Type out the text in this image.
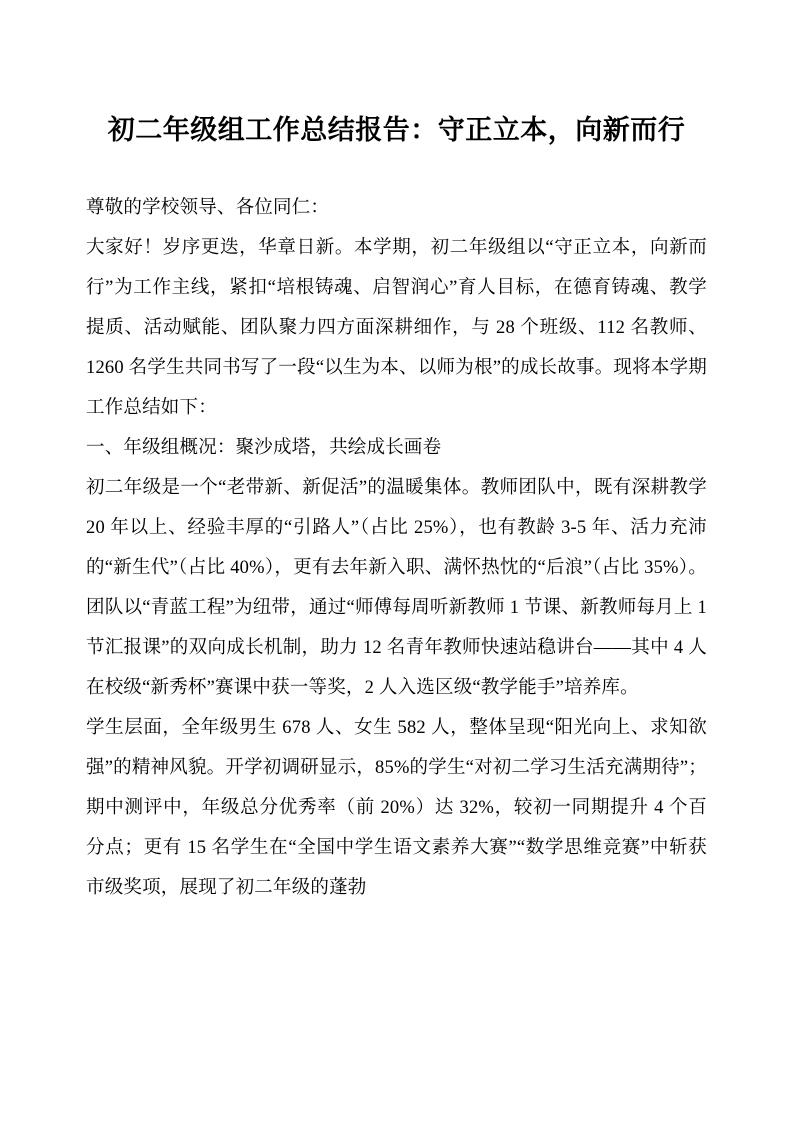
初二年级组工作总结报告：守正立本，向新而行

尊敬的学校领导、各位同仁：

大家好！岁序更迭，华章日新。本学期，初二年级组以“守正立本，向新而行”为工作主线，紧扣“培根铸魂、启智润心”育人目标，在德育铸魂、教学提质、活动赋能、团队聚力四方面深耕细作，与 28 个班级、112 名教师、1260 名学生共同书写了一段“以生为本、以师为根”的成长故事。现将本学期工作总结如下：

一、年级组概况：聚沙成塔，共绘成长画卷

初二年级是一个“老带新、新促活”的温暖集体。教师团队中，既有深耕教学 20 年以上、经验丰厚的“引路人”（占比 25%），也有教龄 3-5 年、活力充沛的“新生代”（占比 40%），更有去年新入职、满怀热忱的“后浪”（占比 35%）。团队以“青蓝工程”为纽带，通过“师傅每周听新教师 1 节课、新教师每月上 1 节汇报课”的双向成长机制，助力 12 名青年教师快速站稳讲台——其中 4 人在校级“新秀杯”赛课中获一等奖，2 人入选区级“教学能手”培养库。

学生层面，全年级男生 678 人、女生 582 人，整体呈现“阳光向上、求知欲强”的精神风貌。开学初调研显示，85%的学生“对初二学习生活充满期待”；期中测评中，年级总分优秀率（前 20%）达 32%，较初一同期提升 4 个百分点；更有 15 名学生在“全国中学生语文素养大赛”“数学思维竞赛”中斩获市级奖项，展现了初二年级的蓬勃
